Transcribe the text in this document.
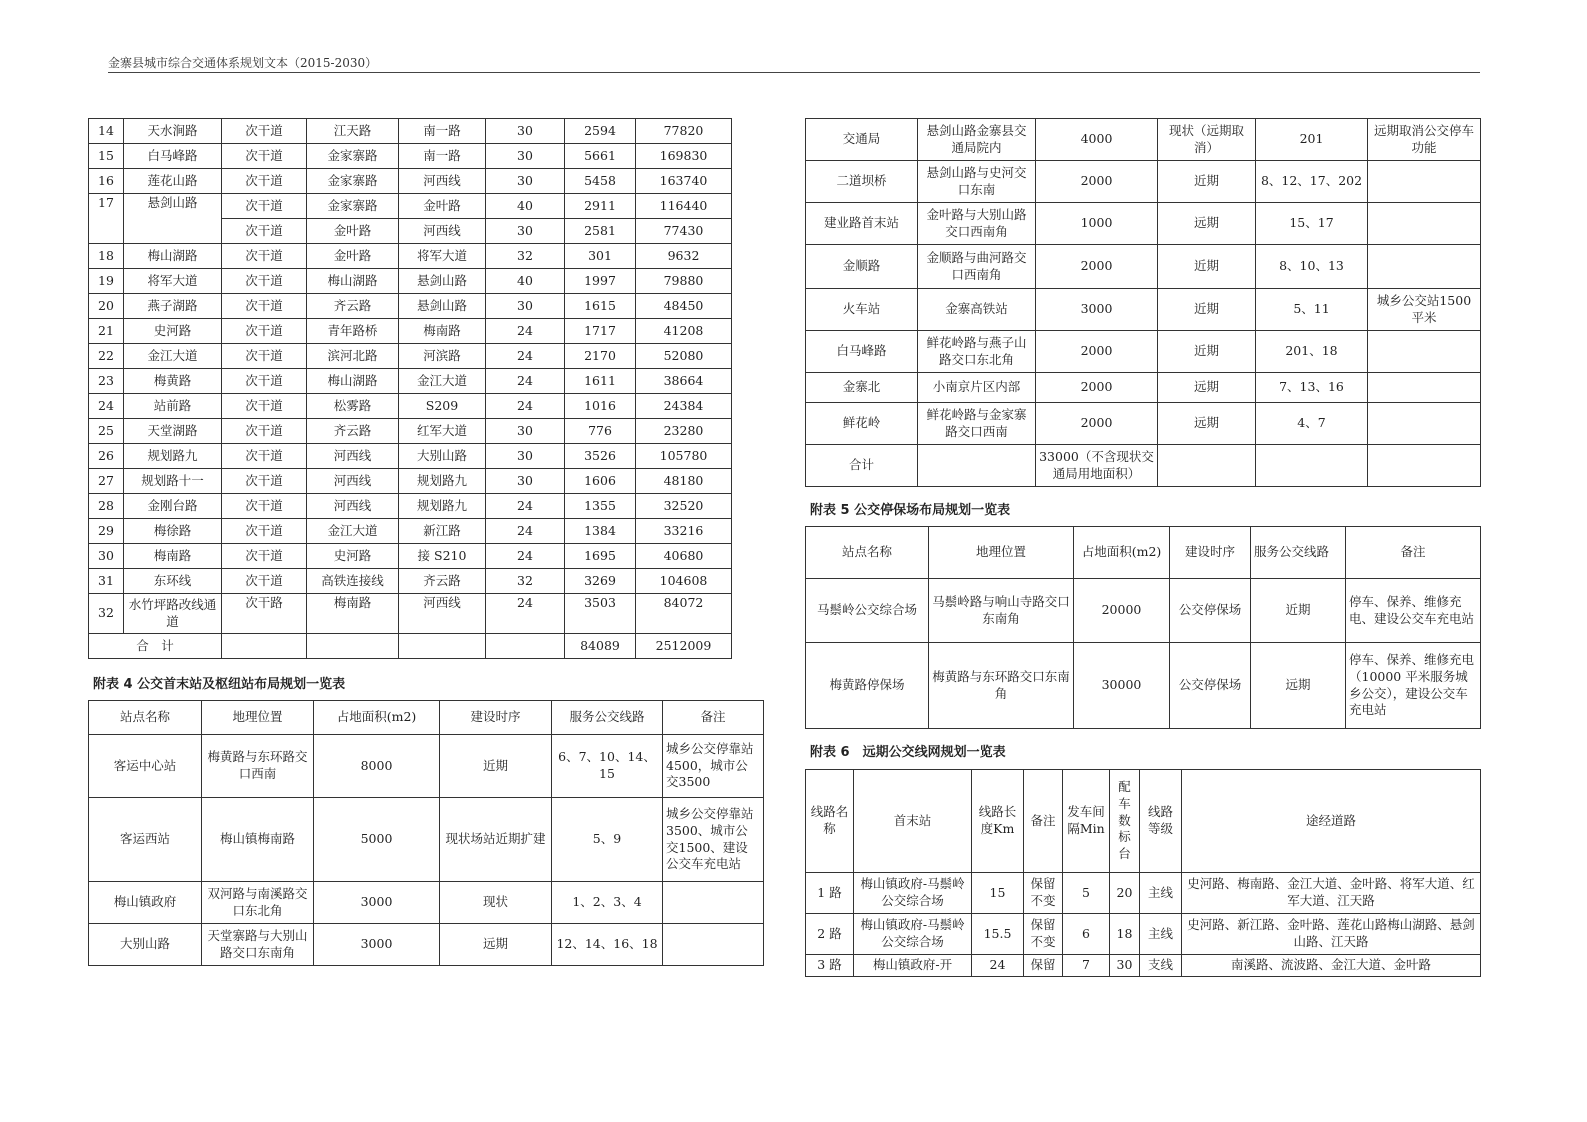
金寨县城市综合交通体系规划文本（2015-2030）
14	天水涧路	次干道	江天路	南一路	30	2594	77820
15	白马峰路	次干道	金家寨路	南一路	30	5661	169830
16	莲花山路	次干道	金家寨路	河西线	30	5458	163740
17	悬剑山路	次干道	金家寨路	金叶路	40	2911	116440
		次干道	金叶路	河西线	30	2581	77430
18	梅山湖路	次干道	金叶路	将军大道	32	301	9632
19	将军大道	次干道	梅山湖路	悬剑山路	40	1997	79880
20	燕子湖路	次干道	齐云路	悬剑山路	30	1615	48450
21	史河路	次干道	青年路桥	梅南路	24	1717	41208
22	金江大道	次干道	滨河北路	河滨路	24	2170	52080
23	梅黄路	次干道	梅山湖路	金江大道	24	1611	38664
24	站前路	次干道	松雾路	S209	24	1016	24384
25	天堂湖路	次干道	齐云路	红军大道	30	776	23280
26	规划路九	次干道	河西线	大别山路	30	3526	105780
27	规划路十一	次干道	河西线	规划路九	30	1606	48180
28	金刚台路	次干道	河西线	规划路九	24	1355	32520
29	梅徐路	次干道	金江大道	新江路	24	1384	33216
30	梅南路	次干道	史河路	接 S210	24	1695	40680
31	东环线	次干道	高铁连接线	齐云路	32	3269	104608
32	水竹坪路改线通道	次干路	梅南路	河西线	24	3503	84072
合　计						84089	2512009
附表 4 公交首末站及枢纽站布局规划一览表
站点名称	地理位置	占地面积(m2)	建设时序	服务公交线路	备注
客运中心站	梅黄路与东环路交口西南	8000	近期	6、7、10、14、15	城乡公交停靠站4500，城市公交3500
客运西站	梅山镇梅南路	5000	现状场站近期扩建	5、9	城乡公交停靠站3500、城市公交1500、建设公交车充电站
梅山镇政府	双河路与南溪路交口东北角	3000	现状	1、2、3、4	
大别山路	天堂寨路与大别山路交口东南角	3000	远期	12、14、16、18	
交通局	悬剑山路金寨县交通局院内	4000	现状（远期取消）	201	远期取消公交停车功能
二道坝桥	悬剑山路与史河交口东南	2000	近期	8、12、17、202	
建业路首末站	金叶路与大别山路交口西南角	1000	远期	15、17	
金顺路	金顺路与曲河路交口西南角	2000	近期	8、10、13	
火车站	金寨高铁站	3000	近期	5、11	城乡公交站1500 平米
白马峰路	鲜花岭路与燕子山路交口东北角	2000	近期	201、18	
金寨北	小南京片区内部	2000	远期	7、13、16	
鲜花岭	鲜花岭路与金家寨路交口西南	2000	远期	4、7	
合计		33000（不含现状交通局用地面积）			
附表 5 公交停保场布局规划一览表
站点名称	地理位置	占地面积(m2)	建设时序	服务公交线路	备注
马鬃岭公交综合场	马鬃岭路与响山寺路交口东南角	20000	公交停保场	近期	停车、保养、维修充电、建设公交车充电站
梅黄路停保场	梅黄路与东环路交口东南角	30000	公交停保场	远期	停车、保养、维修充电（10000 平米服务城乡公交），建设公交车充电站
附表 6　远期公交线网规划一览表
线路名称	首末站	线路长度Km	备注	发车间隔Min	配车数标台	线路等级	途经道路
1 路	梅山镇政府-马鬃岭公交综合场	15	保留不变	5	20	主线	史河路、梅南路、金江大道、金叶路、将军大道、红军大道、江天路
2 路	梅山镇政府-马鬃岭公交综合场	15.5	保留不变	6	18	主线	史河路、新江路、金叶路、莲花山路梅山湖路、悬剑山路、江天路
3 路	梅山镇政府-开	24	保留	7	30	支线	南溪路、流波路、金江大道、金叶路
